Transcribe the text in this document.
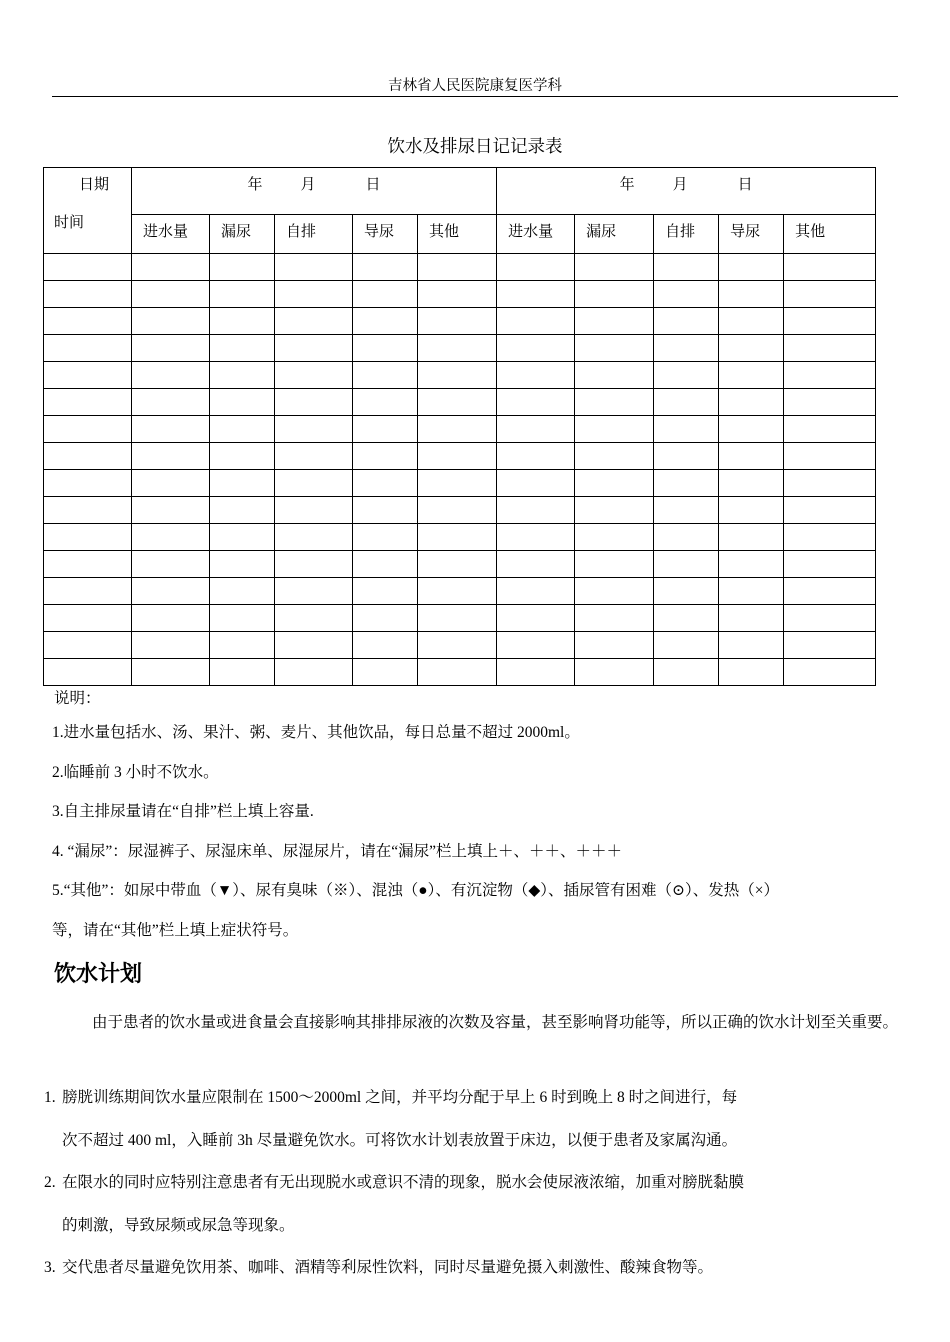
吉林省人民医院康复医学科
饮水及排尿日记记录表
日期
时间	年 月 日					年 月 日				
	进水量	漏尿	自排	导尿	其他	进水量	漏尿	自排	导尿	其他

说明：

1.进水量包括水、汤、果汁、粥、麦片、其他饮品，每日总量不超过 2000ml。

2.临睡前 3 小时不饮水。

3.自主排尿量请在“自排”栏上填上容量.

4. “漏尿”：尿湿裤子、尿湿床单、尿湿尿片，请在“漏尿”栏上填上＋、＋＋、＋＋＋

5.“其他”：如尿中带血（▼）、尿有臭味（※）、混浊（●）、有沉淀物（◆）、插尿管有困难（⊙）、发热（×）

等，请在“其他”栏上填上症状符号。

饮水计划
由于患者的饮水量或进食量会直接影响其排排尿液的次数及容量，甚至影响肾功能等，所以正确的饮水计划至关重要。
1. 膀胱训练期间饮水量应限制在 1500～2000ml 之间，并平均分配于早上 6 时到晚上 8 时之间进行，每
次不超过 400 ml，入睡前 3h 尽量避免饮水。可将饮水计划表放置于床边，以便于患者及家属沟通。
2. 在限水的同时应特别注意患者有无出现脱水或意识不清的现象，脱水会使尿液浓缩，加重对膀胱黏膜
的刺激，导致尿频或尿急等现象。
3. 交代患者尽量避免饮用茶、咖啡、酒精等利尿性饮料，同时尽量避免摄入刺激性、酸辣食物等。
